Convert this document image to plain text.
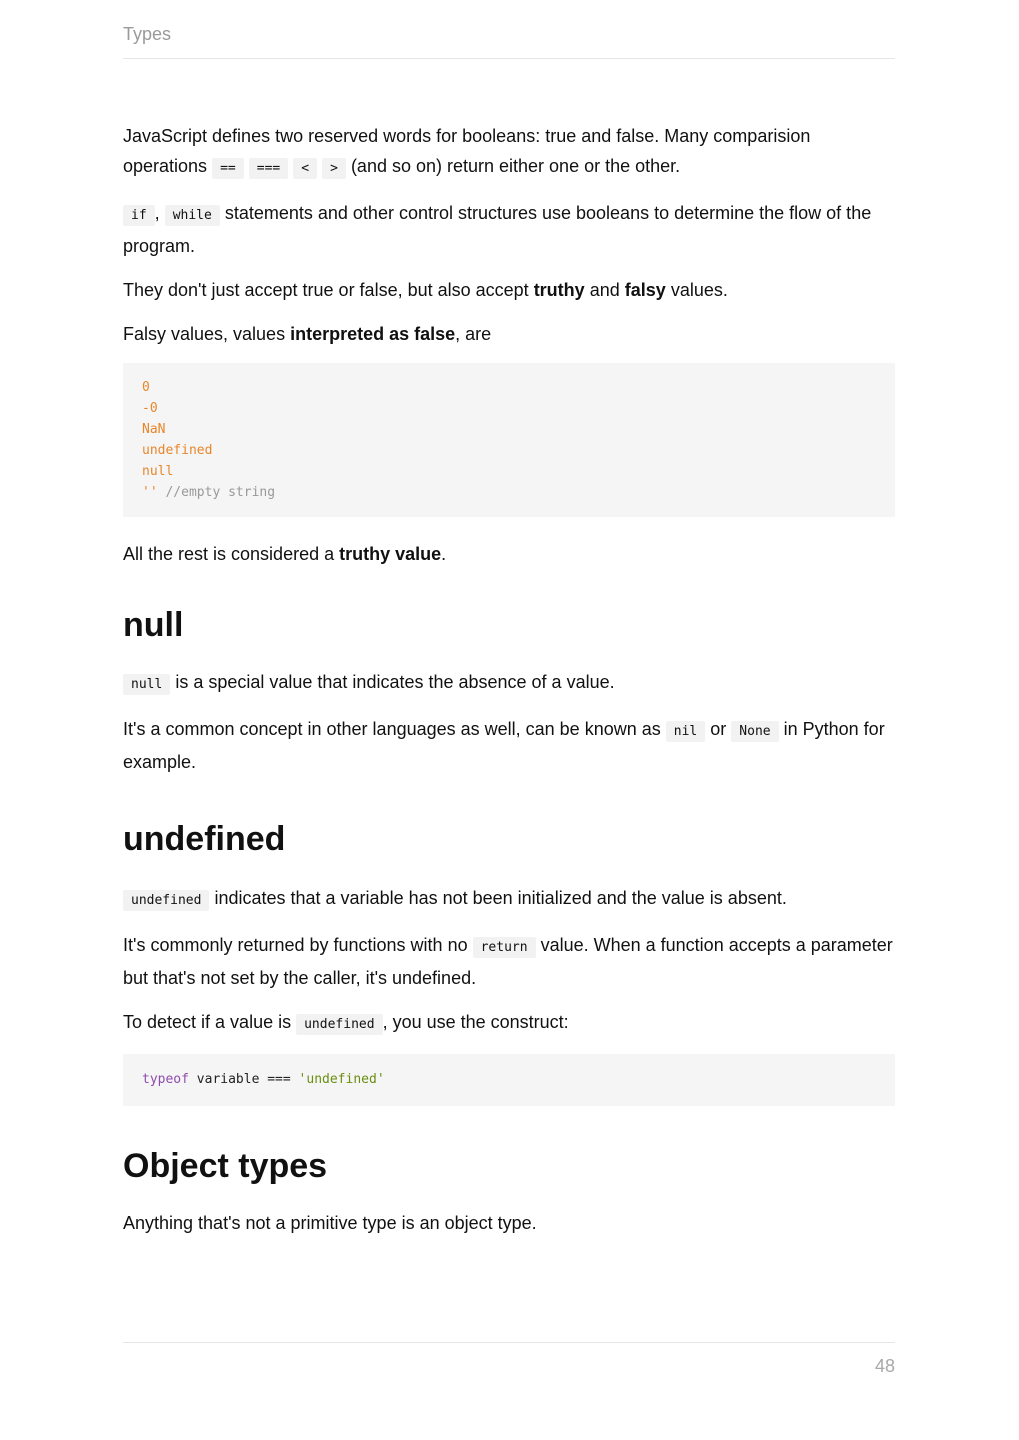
Types

JavaScript defines two reserved words for booleans: true and false. Many comparision operations == === < > (and so on) return either one or the other.

if , while statements and other control structures use booleans to determine the flow of the program.

They don't just accept true or false, but also accept truthy and falsy values.

Falsy values, values interpreted as false, are

0
-0
NaN
undefined
null
'' //empty string

All the rest is considered a truthy value.

null

null is a special value that indicates the absence of a value.

It's a common concept in other languages as well, can be known as nil or None in Python for example.

undefined

undefined indicates that a variable has not been initialized and the value is absent.

It's commonly returned by functions with no return value. When a function accepts a parameter but that's not set by the caller, it's undefined.

To detect if a value is undefined , you use the construct:

typeof variable === 'undefined'
Object types

Anything that's not a primitive type is an object type.

48
